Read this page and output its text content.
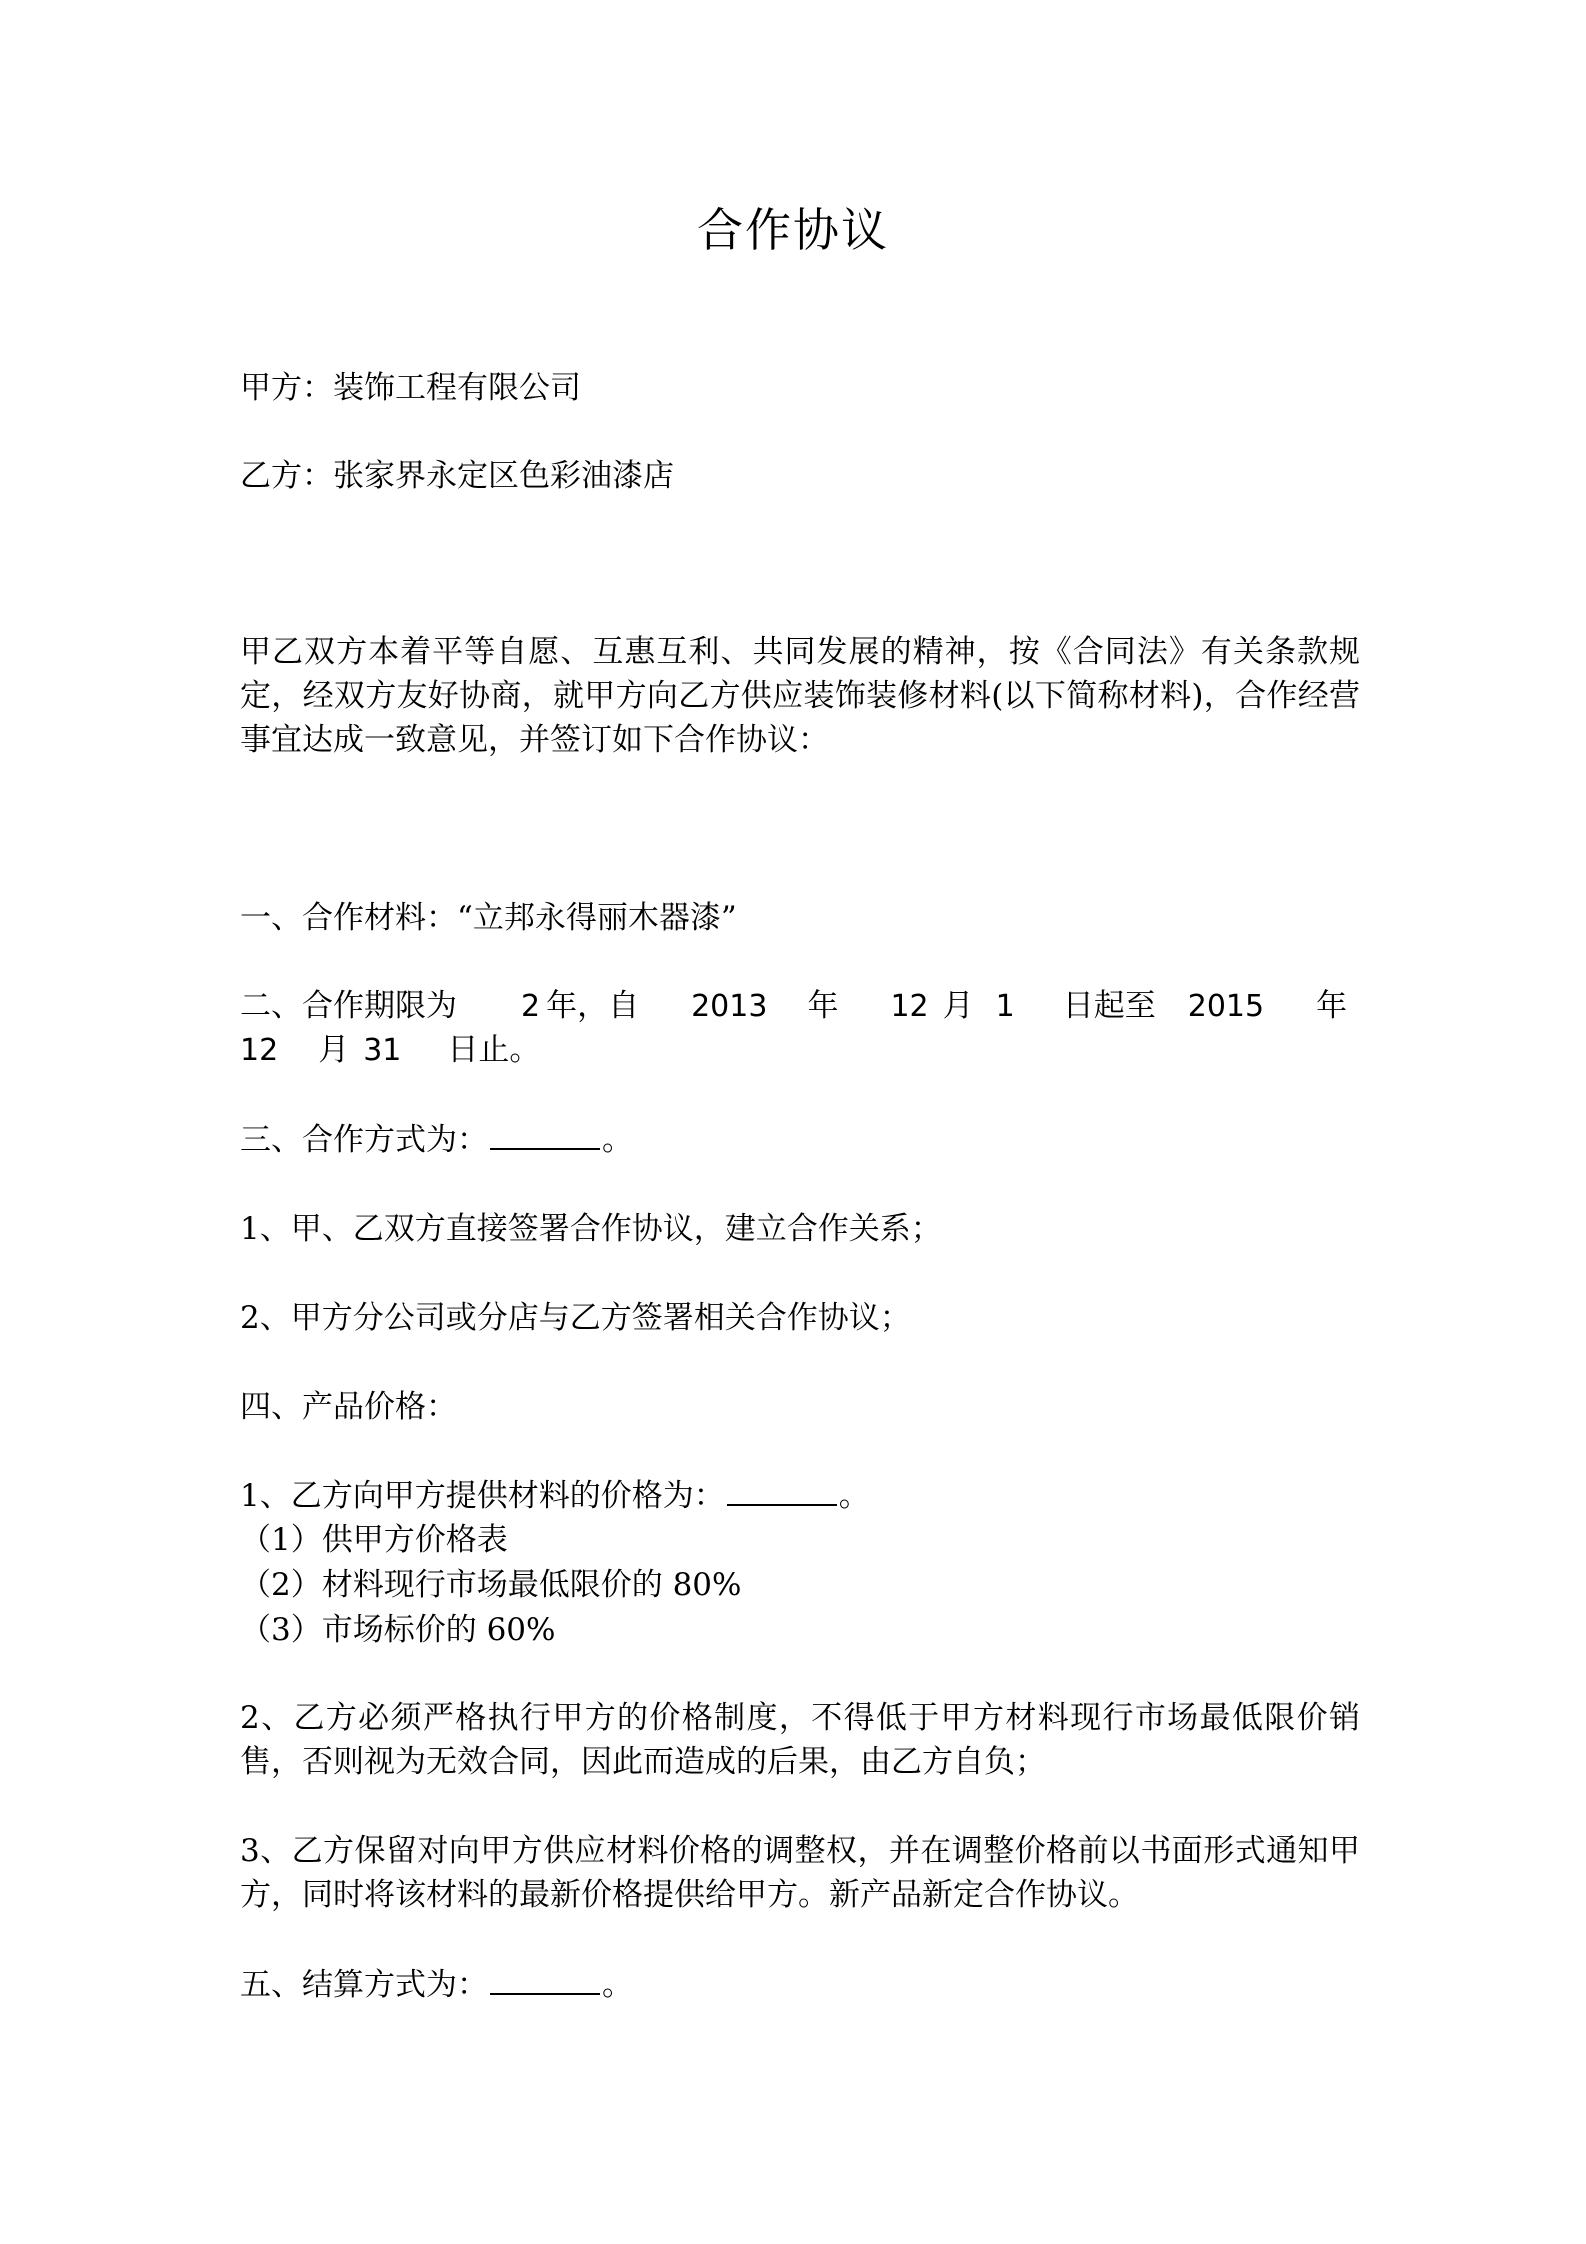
合作协议
甲方：装饰工程有限公司
乙方：张家界永定区色彩油漆店
甲乙双方本着平等自愿、互惠互利、共同发展的精神，按《合同法》有关条款规定，经双方友好协商，就甲方向乙方供应装饰装修材料(以下简称材料)，合作经营事宜达成一致意见，并签订如下合作协议：
一、合作材料：“立邦永得丽木器漆”
二、合作期限为 2 年，自 2013 年 12 月 1 日起至 2015 年
12 月 31 日止。
三、合作方式为：	。
1、甲、乙双方直接签署合作协议，建立合作关系；
2、甲方分公司或分店与乙方签署相关合作协议；
四、产品价格：
1、乙方向甲方提供材料的价格为：	。
（1）供甲方价格表
（2）材料现行市场最低限价的 80%
（3）市场标价的 60%
2、乙方必须严格执行甲方的价格制度，不得低于甲方材料现行市场最低限价销售，否则视为无效合同，因此而造成的后果，由乙方自负；
3、乙方保留对向甲方供应材料价格的调整权，并在调整价格前以书面形式通知甲方，同时将该材料的最新价格提供给甲方。新产品新定合作协议。
五、结算方式为：	。
